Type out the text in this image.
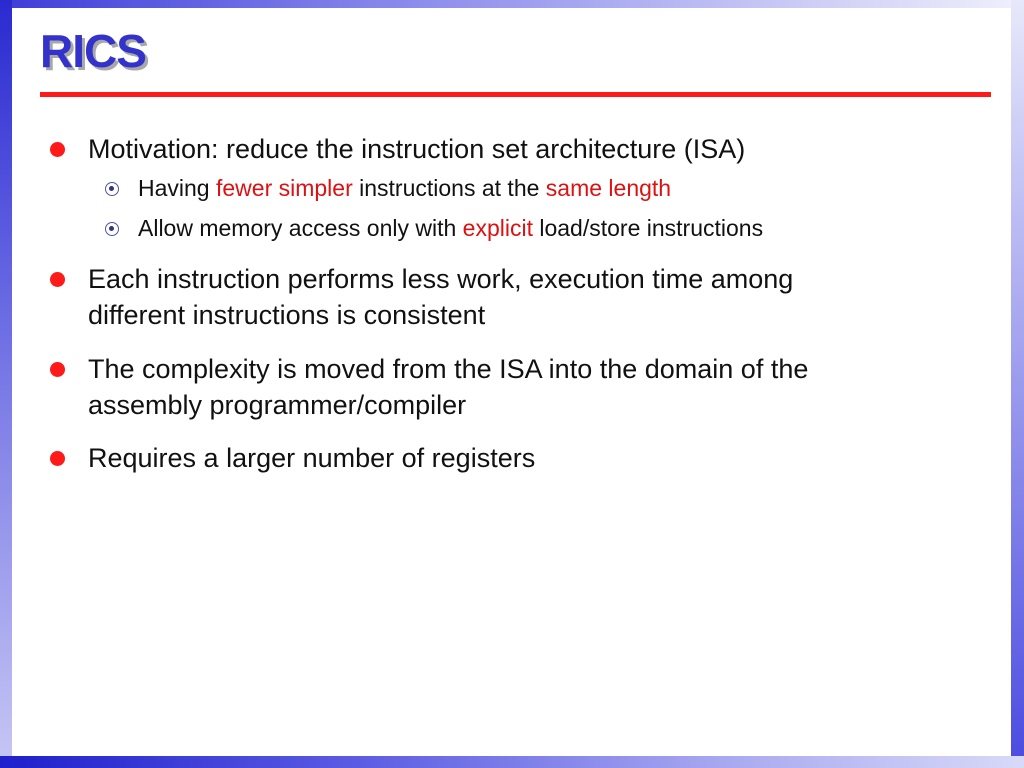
RICS
Motivation: reduce the instruction set architecture (ISA)
Having fewer simpler instructions at the same length
Allow memory access only with explicit load/store instructions
Each instruction performs less work, execution time among
different instructions is consistent
The complexity is moved from the ISA into the domain of the
assembly programmer/compiler
Requires a larger number of registers
